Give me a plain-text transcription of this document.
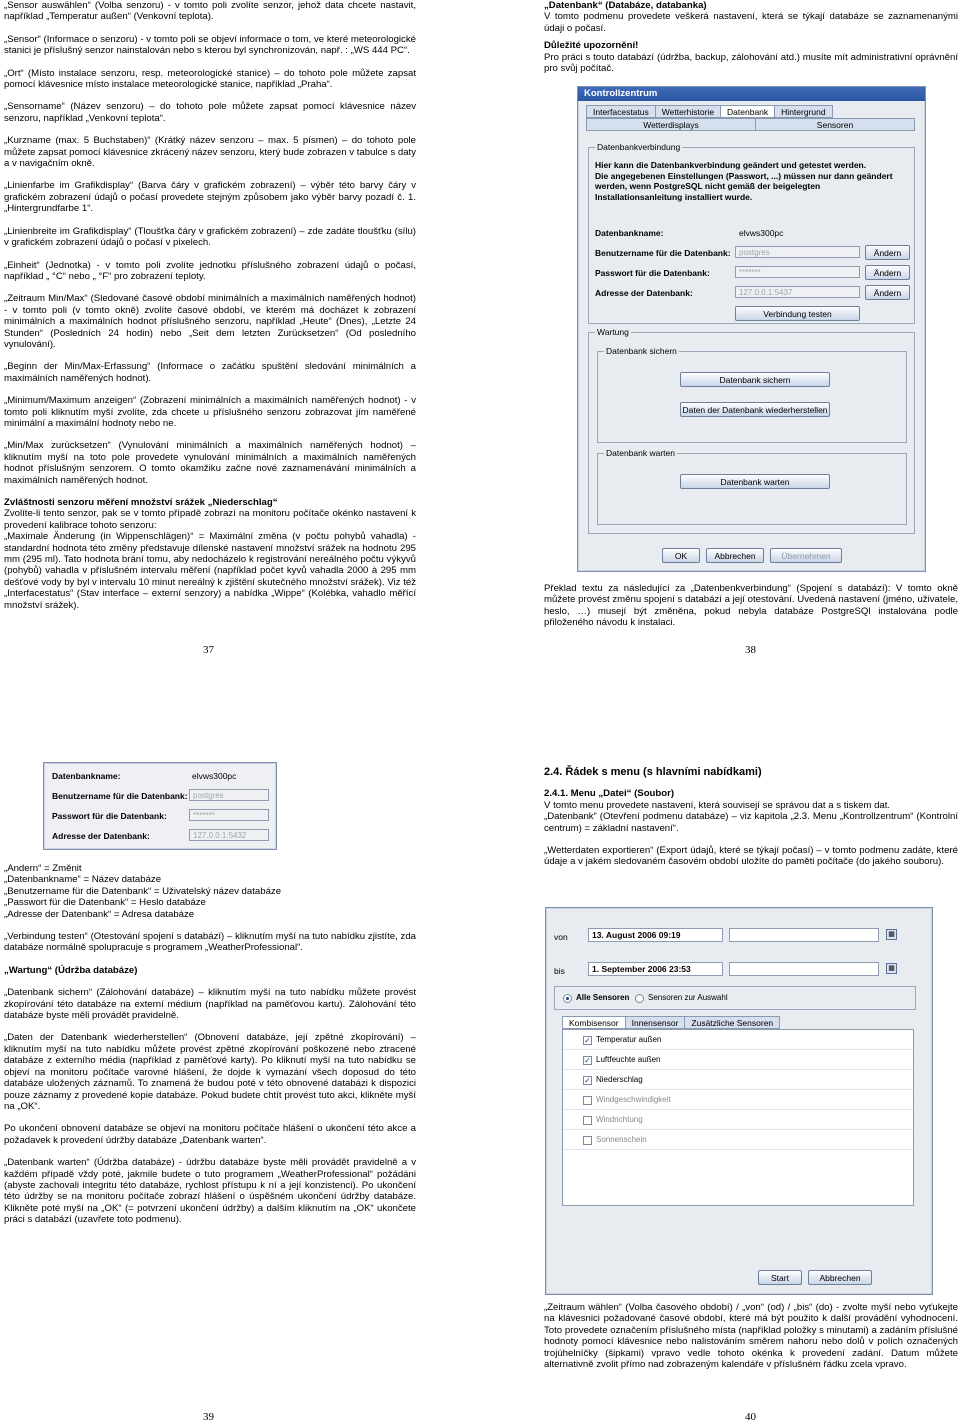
„Sensor auswählen“ (Volba senzoru) - v tomto poli zvolíte senzor, jehož data chcete nastavit, například „Temperatur außen“ (Venkovní teplota).

„Sensor“ (Informace o senzoru) - v tomto poli se objeví informace o tom, ve které meteorologické stanici je příslušný senzor nainstalován nebo s kterou byl synchronizován, např. : „WS 444 PC“.

„Ort“ (Místo instalace senzoru, resp. meteorologické stanice) – do tohoto pole můžete zapsat pomocí klávesnice místo instalace meteorologické stanice, například „Praha“.

„Sensorname“ (Název senzoru) – do tohoto pole můžete zapsat pomocí klávesnice název senzoru, například „Venkovní teplota“.

„Kurzname (max. 5 Buchstaben)“ (Krátký název senzoru – max. 5 písmen) – do tohoto pole můžete zapsat pomocí klávesnice zkrácený název senzoru, který bude zobrazen v tabulce s daty a v navigačním okně.

„Linienfarbe im Grafikdisplay“ (Barva čáry v grafickém zobrazení) – výběr této barvy čáry v grafickém zobrazení údajů o počasí provedete stejným způsobem jako výběr barvy pozadí č. 1. „Hintergrundfarbe 1“.

„Linienbreite im Grafikdisplay“ (Tloušťka čáry v grafickém zobrazení) – zde zadáte tloušťku (sílu) v grafickém zobrazení údajů o počasí v pixelech.

„Einheit“ (Jednotka) - v tomto poli zvolíte jednotku příslušného zobrazení údajů o počasí, například „ °C“ nebo „ °F“ pro zobrazení teploty.

„Zeitraum Min/Max“ (Sledované časové období minimálních a maximálních naměřených hodnot) - v tomto poli (v tomto okně) zvolíte časové období, ve kterém má docházet k zobrazení minimálních a maximálních hodnot příslušného senzoru, například „Heute“ (Dnes), „Letzte 24 Stunden“ (Posledních 24 hodin) nebo „Seit dem letzten Zurücksetzen“ (Od posledního vynulování).

„Beginn der Min/Max-Erfassung“ (Informace o začátku spuštění sledování minimálních a maximálních naměřených hodnot).

„Minimum/Maximum anzeigen“ (Zobrazení minimálních a maximálních naměřených hodnot) - v tomto poli kliknutím myší zvolíte, zda chcete u příslušného senzoru zobrazovat jím naměřené minimální a maximální hodnoty nebo ne.

„Min/Max zurücksetzen“ (Vynulování minimálních a maximálních naměřených hodnot) – kliknutím myší na toto pole provedete vynulování minimálních a maximálních naměřených hodnot příslušným senzorem. O tomto okamžiku začne nové zaznamenávání minimálních a maximálních naměřených hodnot.

Zvláštnosti senzoru měření množství srážek „Niederschlag“

Zvolíte-li tento senzor, pak se v tomto případě zobrazí na monitoru počítače okénko nastavení k provedení kalibrace tohoto senzoru:

„Maximale Änderung (in Wippenschlägen)“ = Maximální změna (v počtu pohybů vahadla) - standardní hodnota této změny představuje dílenské nastavení množství srážek na hodnotu 295 mm (295 ml). Tato hodnota brání tomu, aby nedocházelo k registrování nereálného počtu výkyvů (pohybů) vahadla v příslušném intervalu měření (například počet kyvů vahadla 2000 à 295 mm dešťové vody by byl v intervalu 10 minut nereálný k zjištění skutečného množství srážek). Viz též „Interfacestatus“ (Stav interface – externí senzory) a nabídka „Wippe“ (Kolébka, vahadlo měřící množství srážek).

37

„Datenbank“ (Databáze, databanka)

V tomto podmenu provedete veškerá nastavení, která se týkají databáze se zaznamenanými údaji o počasí.

Důležité upozornění!

Pro práci s touto databází (údržba, backup, zálohování atd.) musíte mít administrativní oprávnění pro svůj počítač.

Kontrollzentrum
Interfacestatus	Wetterhistorie	Datenbank	Hintergrund
Wetterdisplays	Sensoren
Datenbankverbindung
Hier kann die Datenbankverbindung geändert und getestet werden.
Die angegebenen Einstellungen (Passwort, ...) müssen nur dann geändert werden, wenn PostgreSQL nicht gemäß der beigelegten Installationsanleitung installiert wurde.
Datenbankname:	elvws300pc
Benutzername für die Datenbank:	postgres	Ändern
Passwort für die Datenbank:	*******	Ändern
Adresse der Datenbank:	127.0.0.1:5437	Ändern
Verbindung testen
Wartung
Datenbank sichern
Datenbank sichern
Daten der Datenbank wiederherstellen
Datenbank warten
Datenbank warten
OK	Abbrechen	Übernehmen

Překlad textu za následující za „Datenbenkverbindung“ (Spojení s databází): V tomto okně můžete provést změnu spojení s databází a její otestování. Uvedená nastavení (jméno, uživatele, heslo, …) musejí být změněna, pokud nebyla databáze PostgreSQl instalována podle přiloženého návodu k instalaci.

38
Datenbankname:	elvws300pc
Benutzername für die Datenbank: postgres
Passwort für die Datenbank:	*******
Adresse der Datenbank:	127.0.0.1:5432
„Andern“ = Změnit
„Datenbankname“ = Název databáze
„Benutzername für die Datenbank“ = Uživatelský název databáze
„Passwort für die Datenbank“ = Heslo databáze
„Adresse der Datenbank“ = Adresa databáze

„Verbindung testen“ (Otestování spojení s databází) – kliknutím myší na tuto nabídku zjistíte, zda databáze normálně spolupracuje s programem „WeatherProfessional“.

„Wartung“ (Údržba databáze)

„Datenbank sichern“ (Zálohování databáze) – kliknutím myší na tuto nabídku můžete provést zkopírování této databáze na externí médium (například na paměťovou kartu). Zálohování této databáze byste měli provádět pravidelně.

„Daten der Datenbank wiederherstellen“ (Obnovení databáze, její zpětné zkopírování) – kliknutím myší na tuto nabídku můžete provést zpětné zkopírování poškozené nebo ztracené databáze z externího média (například z paměťové karty). Po kliknutí myší na tuto nabídku se objeví na monitoru počítače varovné hlášení, že dojde k vymazání všech doposud do této databáze uložených záznamů. To znamená že budou poté v této obnovené databázi k dispozici pouze záznamy z provedené kopie databáze. Pokud budete chtít provést tuto akci, klikněte myší na „OK“.

Po ukončení obnovení databáze se objeví na monitoru počítače hlášení o ukončení této akce a požadavek k provedení údržby databáze „Datenbank warten“.

„Datenbank warten“ (Údržba databáze) - údržbu databáze byste měli provádět pravidelně a v každém případě vždy poté, jakmile budete o tuto programem „WeatherProfessional“ požádáni (abyste zachovali integritu této databáze, rychlost přístupu k ní a její konzistenci). Po ukončení této údržby se na monitoru počítače zobrazí hlášení o úspěšném ukončení údržby databáze. Klikněte poté myší na „OK“ (= potvrzení ukončení údržby) a dalším kliknutím na „OK“ ukončete práci s databází (uzavřete toto podmenu).

39

2.4. Řádek s menu (s hlavními nabídkami)

2.4.1. Menu „Datei“ (Soubor)

V tomto menu provedete nastavení, která souvisejí se správou dat a s tiskem dat.

„Datenbank“ (Otevření podmenu databáze) – viz kapitola „2.3. Menu „Kontrollzentrum“ (Kontrolní centrum) = základní nastavení“.

„Wetterdaten exportieren“ (Export údajů, které se týkají počasí) – v tomto podmenu zadáte, které údaje a v jakém sledovaném časovém období uložíte do paměti počítače (do jakého souboru).

von	13. August 2006 09:19	▦
bis	1. September 2006 23:53	▦
Alle Sensoren Sensoren zur Auswahl
Kombisensor	Innensensor	Zusätzliche Sensoren
✓ Temperatur außen
✓ Luftfeuchte außen
✓ Niederschlag
Windgeschwindigkeit
Windrichtung
Sonnenschein
Start	Abbrechen

„Zeitraum wählen“ (Volba časového období) / „von“ (od) / „bis“ (do) - zvolte myší nebo vyťukejte na klávesnici požadované časové období, které má být použito k další provádění vyhodnocení. Toto provedete označením příslušného místa (například položky s minutami) a zadáním příslušné hodnoty pomocí klávesnice nebo nalistováním směrem nahoru nebo dolů v polích označených trojúhelníčky (šipkami) vpravo vedle tohoto okénka k provedení zadání. Datum můžete alternativně zvolit přímo nad zobrazeným kalendáře v příslušném řádku zcela vpravo.

40
